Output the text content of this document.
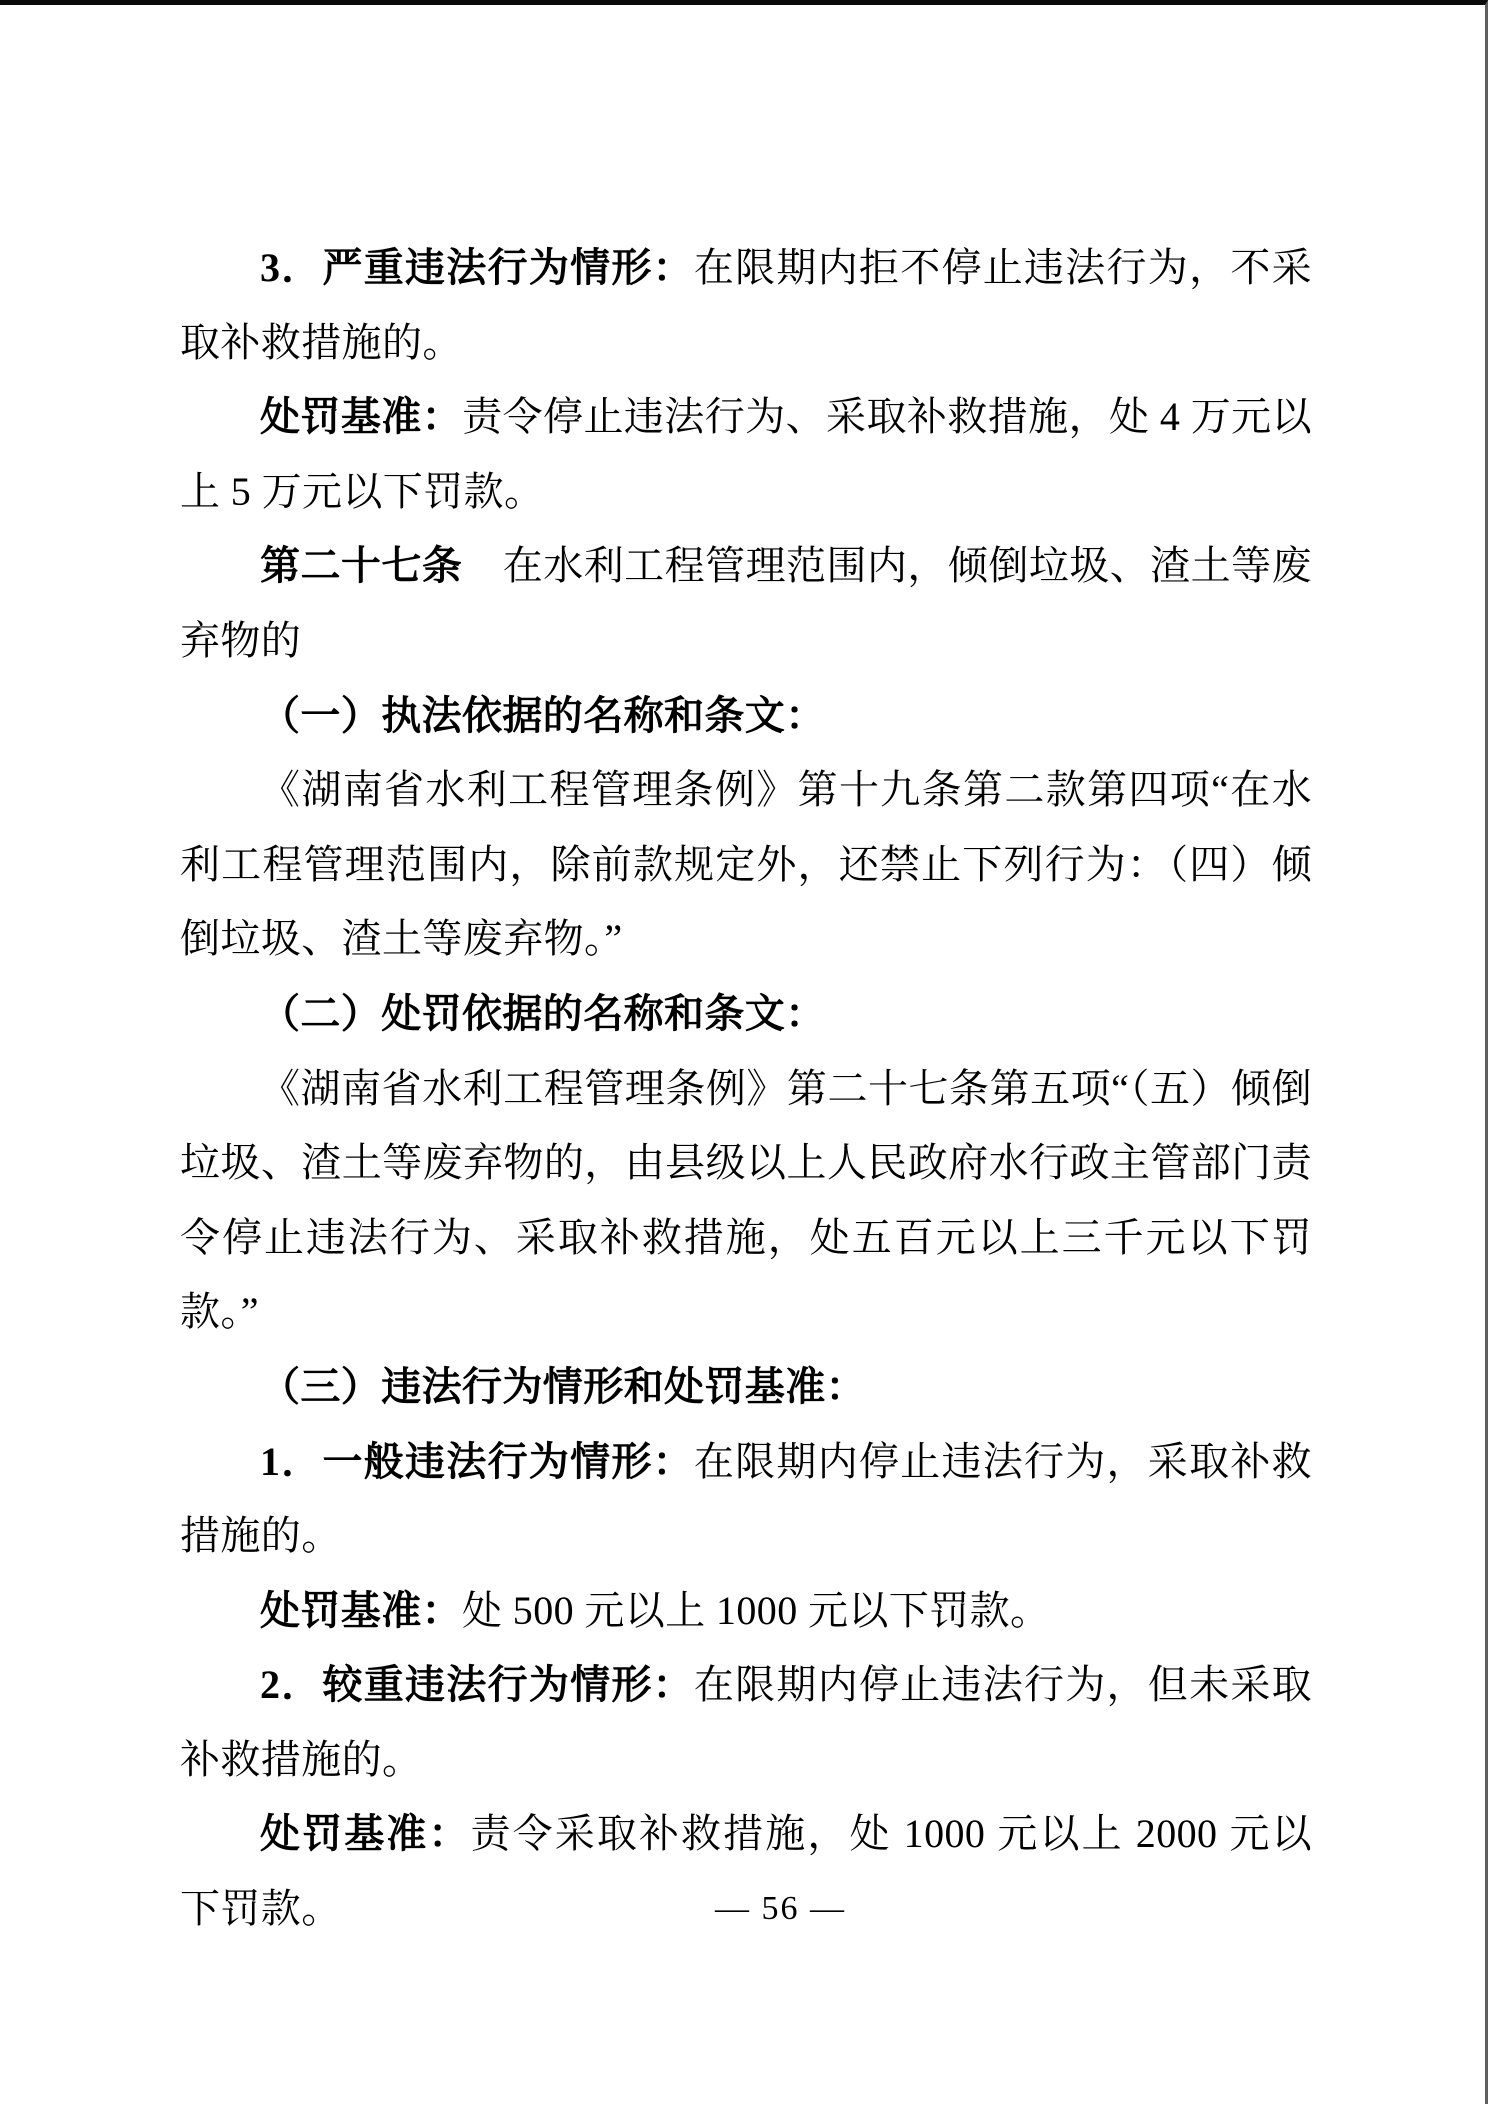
3．严重违法行为情形：在限期内拒不停止违法行为，不采取补救措施的。

处罚基准：责令停止违法行为、采取补救措施，处 4 万元以上 5 万元以下罚款。

第二十七条　在水利工程管理范围内，倾倒垃圾、渣土等废弃物的

（一）执法依据的名称和条文：

《湖南省水利工程管理条例》第十九条第二款第四项“在水利工程管理范围内，除前款规定外，还禁止下列行为：（四）倾倒垃圾、渣土等废弃物。”

（二）处罚依据的名称和条文：

《湖南省水利工程管理条例》第二十七条第五项“（五）倾倒垃圾、渣土等废弃物的，由县级以上人民政府水行政主管部门责令停止违法行为、采取补救措施，处五百元以上三千元以下罚款。”

（三）违法行为情形和处罚基准：

1．一般违法行为情形：在限期内停止违法行为，采取补救措施的。

处罚基准：处 500 元以上 1000 元以下罚款。

2．较重违法行为情形：在限期内停止违法行为，但未采取补救措施的。

处罚基准：责令采取补救措施，处 1000 元以上 2000 元以下罚款。	— 56 —
